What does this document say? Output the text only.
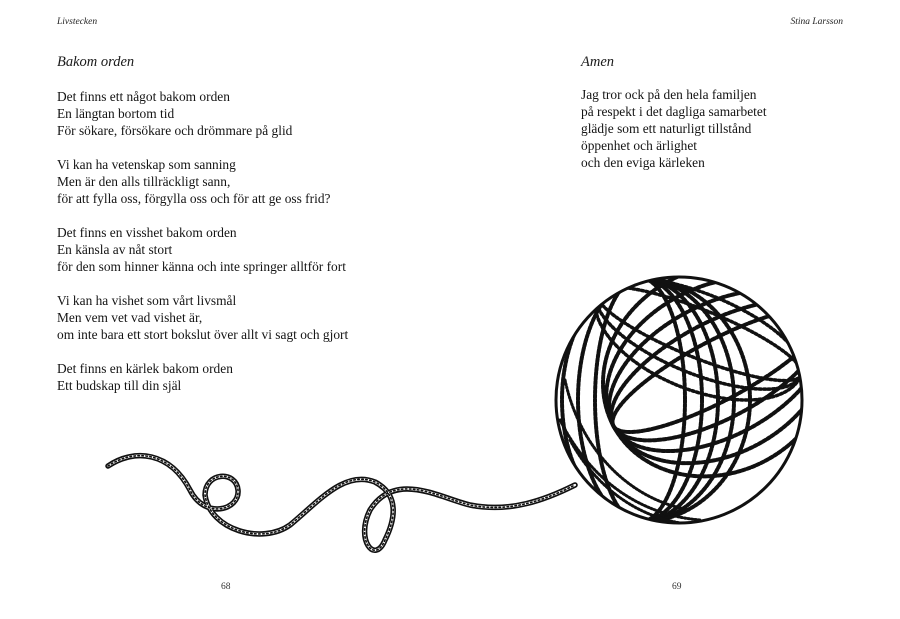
Livstecken	Stina Larsson
Bakom orden
Det finns ett något bakom orden
En längtan bortom tid
För sökare, försökare och drömmare på glid
Vi kan ha vetenskap som sanning
Men är den alls tillräckligt sann,
för att fylla oss, förgylla oss och för att ge oss frid?
Det finns en visshet bakom orden
En känsla av nåt stort
för den som hinner känna och inte springer alltför fort
Vi kan ha vishet som vårt livsmål
Men vem vet vad vishet är,
om inte bara ett stort bokslut över allt vi sagt och gjort
Det finns en kärlek bakom orden
Ett budskap till din själ
Amen
Jag tror ock på den hela familjen
på respekt i det dagliga samarbetet
glädje som ett naturligt tillstånd
öppenhet och ärlighet
och den eviga kärleken
68	69
